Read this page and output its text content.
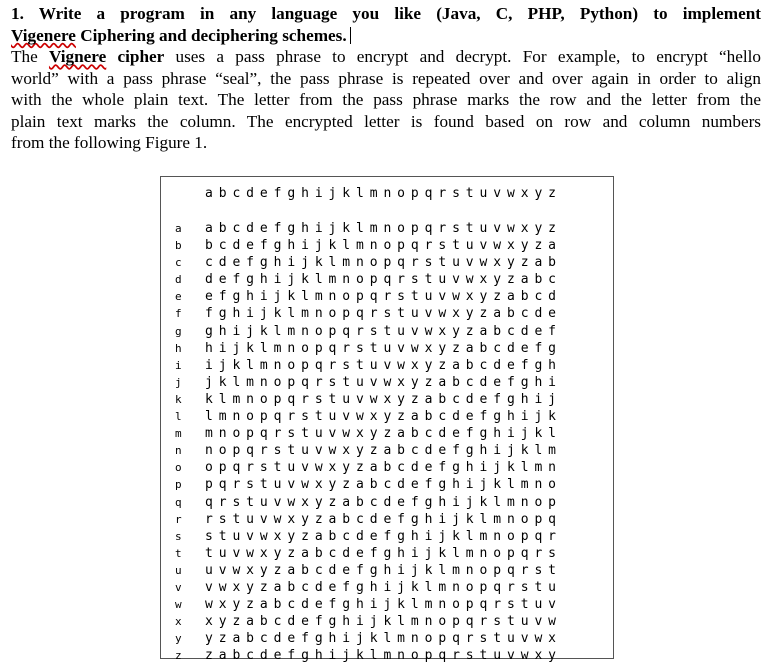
1. Write a program in any language you like (Java, C, PHP, Python) to implement
Vigenere Ciphering and deciphering schemes.
The Vignere cipher uses a pass phrase to encrypt and decrypt. For example, to encrypt “hello
world” with a pass phrase “seal”, the pass phrase is repeated over and over again in order to align
with the whole plain text. The letter from the pass phrase marks the row and the letter from the
plain text marks the column. The encrypted letter is found based on row and column numbers
from the following Figure 1.
abcdefghijklmnopqrstuvwxyz
a abcdefghijklmnopqrstuvwxyz
b bcdefghijklmnopqrstuvwxyza
c cdefghijklmnopqrstuvwxyzab
d defghijklmnopqrstuvwxyzabc
e efghijklmnopqrstuvwxyzabcd
f fghijklmnopqrstuvwxyzabcde
g ghijklmnopqrstuvwxyzabcdef
h hijklmnopqrstuvwxyzabcdefg
i ijklmnopqrstuvwxyzabcdefgh
j jklmnopqrstuvwxyzabcdefghi
k klmnopqrstuvwxyzabcdefghij
l lmnopqrstuvwxyzabcdefghijk
m mnopqrstuvwxyzabcdefghijkl
n nopqrstuvwxyzabcdefghijklm
o opqrstuvwxyzabcdefghijklmn
p pqrstuvwxyzabcdefghijklmno
q qrstuvwxyzabcdefghijklmnop
r rstuvwxyzabcdefghijklmnopq
s stuvwxyzabcdefghijklmnopqr
t tuvwxyzabcdefghijklmnopqrs
u uvwxyzabcdefghijklmnopqrst
v vwxyzabcdefghijklmnopqrstu
w wxyzabcdefghijklmnopqrstuv
x xyzabcdefghijklmnopqrstuvw
y yzabcdefghijklmnopqrstuvwx
z zabcdefghijklmnopqrstuvwxy
